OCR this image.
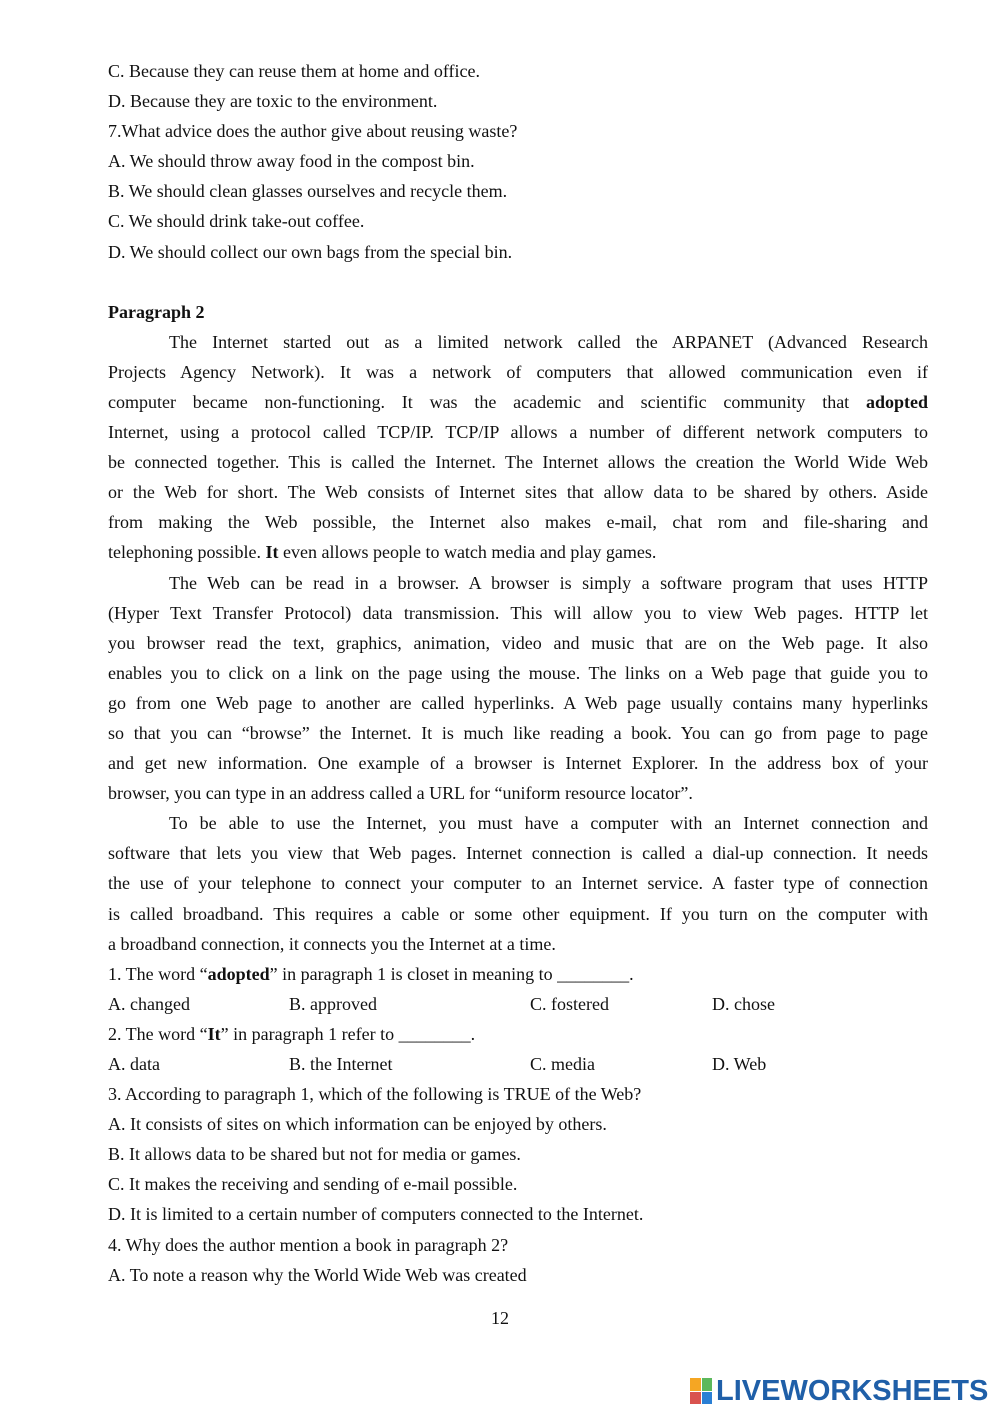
C. Because they can reuse them at home and office.
D. Because they are toxic to the environment.
7.What advice does the author give about reusing waste?
A. We should throw away food in the compost bin.
B. We should clean glasses ourselves and recycle them.
C. We should drink take-out coffee.
D. We should collect our own bags from the special bin.
Paragraph 2
The Internet started out as a limited network called the ARPANET (Advanced Research
Projects Agency Network). It was a network of computers that allowed communication even if
computer became non-functioning. It was the academic and scientific community that adopted
Internet, using a protocol called TCP/IP. TCP/IP allows a number of different network computers to
be connected together. This is called the Internet. The Internet allows the creation the World Wide Web
or the Web for short. The Web consists of Internet sites that allow data to be shared by others. Aside
from making the Web possible, the Internet also makes e-mail, chat rom and file-sharing and
telephoning possible. It even allows people to watch media and play games.
The Web can be read in a browser. A browser is simply a software program that uses HTTP
(Hyper Text Transfer Protocol) data transmission. This will allow you to view Web pages. HTTP let
you browser read the text, graphics, animation, video and music that are on the Web page. It also
enables you to click on a link on the page using the mouse. The links on a Web page that guide you to
go from one Web page to another are called hyperlinks. A Web page usually contains many hyperlinks
so that you can “browse” the Internet. It is much like reading a book. You can go from page to page
and get new information. One example of a browser is Internet Explorer. In the address box of your
browser, you can type in an address called a URL for “uniform resource locator”.
To be able to use the Internet, you must have a computer with an Internet connection and
software that lets you view that Web pages. Internet connection is called a dial-up connection. It needs
the use of your telephone to connect your computer to an Internet service. A faster type of connection
is called broadband. This requires a cable or some other equipment. If you turn on the computer with
a broadband connection, it connects you the Internet at a time.
1. The word “adopted” in paragraph 1 is closet in meaning to ________.
A. changed	B. approved	C. fostered	D. chose
2. The word “It” in paragraph 1 refer to ________.
A. data	B. the Internet	C. media	D. Web
3. According to paragraph 1, which of the following is TRUE of the Web?
A. It consists of sites on which information can be enjoyed by others.
B. It allows data to be shared but not for media or games.
C. It makes the receiving and sending of e-mail possible.
D. It is limited to a certain number of computers connected to the Internet.
4. Why does the author mention a book in paragraph 2?
A. To note a reason why the World Wide Web was created
12
LIVEWORKSHEETS
